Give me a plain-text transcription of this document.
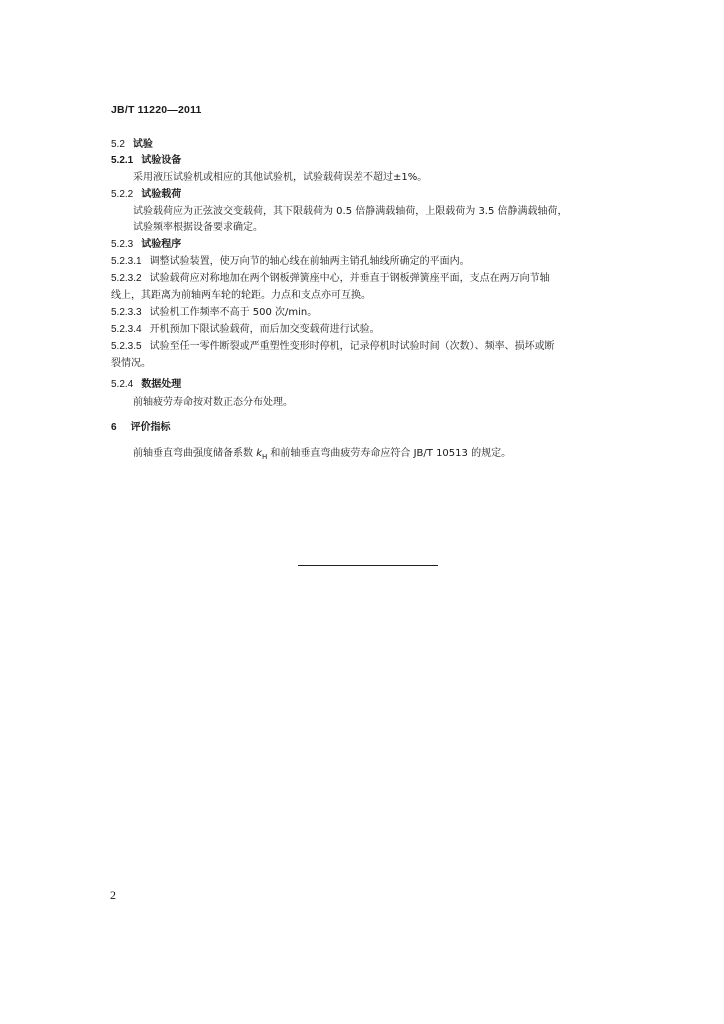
JB/T 11220—2011
5.2 试验
5.2.1 试验设备
采用液压试验机或相应的其他试验机，试验载荷误差不超过±1%。
5.2.2 试验载荷
试验载荷应为正弦波交变载荷，其下限载荷为 0.5 倍静满载轴荷，上限载荷为 3.5 倍静满载轴荷，
试验频率根据设备要求确定。
5.2.3 试验程序
5.2.3.1 调整试验装置，使万向节的轴心线在前轴两主销孔轴线所确定的平面内。
5.2.3.2 试验载荷应对称地加在两个钢板弹簧座中心，并垂直于钢板弹簧座平面，支点在两万向节轴
线上，其距离为前轴两车轮的轮距。力点和支点亦可互换。
5.2.3.3 试验机工作频率不高于 500 次/min。
5.2.3.4 开机预加下限试验载荷，而后加交变载荷进行试验。
5.2.3.5 试验至任一零件断裂或严重塑性变形时停机，记录停机时试验时间（次数）、频率、损坏或断
裂情况。
5.2.4 数据处理
前轴疲劳寿命按对数正态分布处理。
6 评价指标
前轴垂直弯曲强度储备系数 $k_H$ 和前轴垂直弯曲疲劳寿命应符合 JB/T 10513 的规定。
2
